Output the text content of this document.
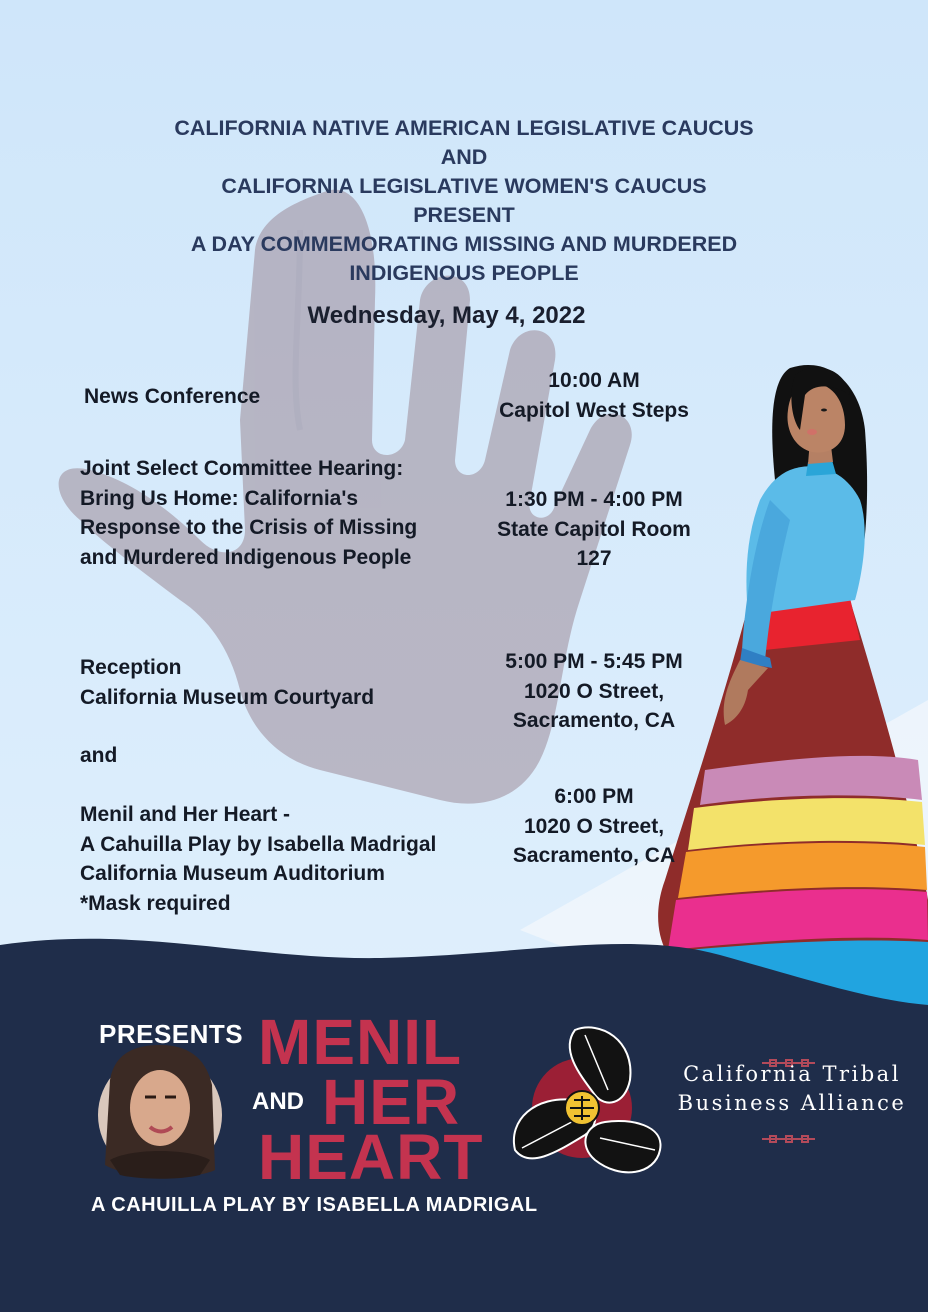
CALIFORNIA NATIVE AMERICAN LEGISLATIVE CAUCUS
AND
CALIFORNIA LEGISLATIVE WOMEN'S CAUCUS
PRESENT
A DAY COMMEMORATING MISSING AND MURDERED
INDIGENOUS PEOPLE
Wednesday, May 4, 2022
News Conference
10:00 AM
Capitol West Steps
Joint Select Committee Hearing:
Bring Us Home: California's
Response to the Crisis of Missing
and Murdered Indigenous People
1:30 PM - 4:00 PM
State Capitol Room
127
Reception
California Museum Courtyard
5:00 PM - 5:45 PM
1020 O Street,
Sacramento, CA
and
Menil and Her Heart -
A Cahuilla Play by Isabella Madrigal
California Museum Auditorium
*Mask required
6:00 PM
1020 O Street,
Sacramento, CA
PRESENTS MENIL
AND HER
HEART
A CAHUILLA PLAY BY ISABELLA MADRIGAL
California Tribal
Business Alliance
